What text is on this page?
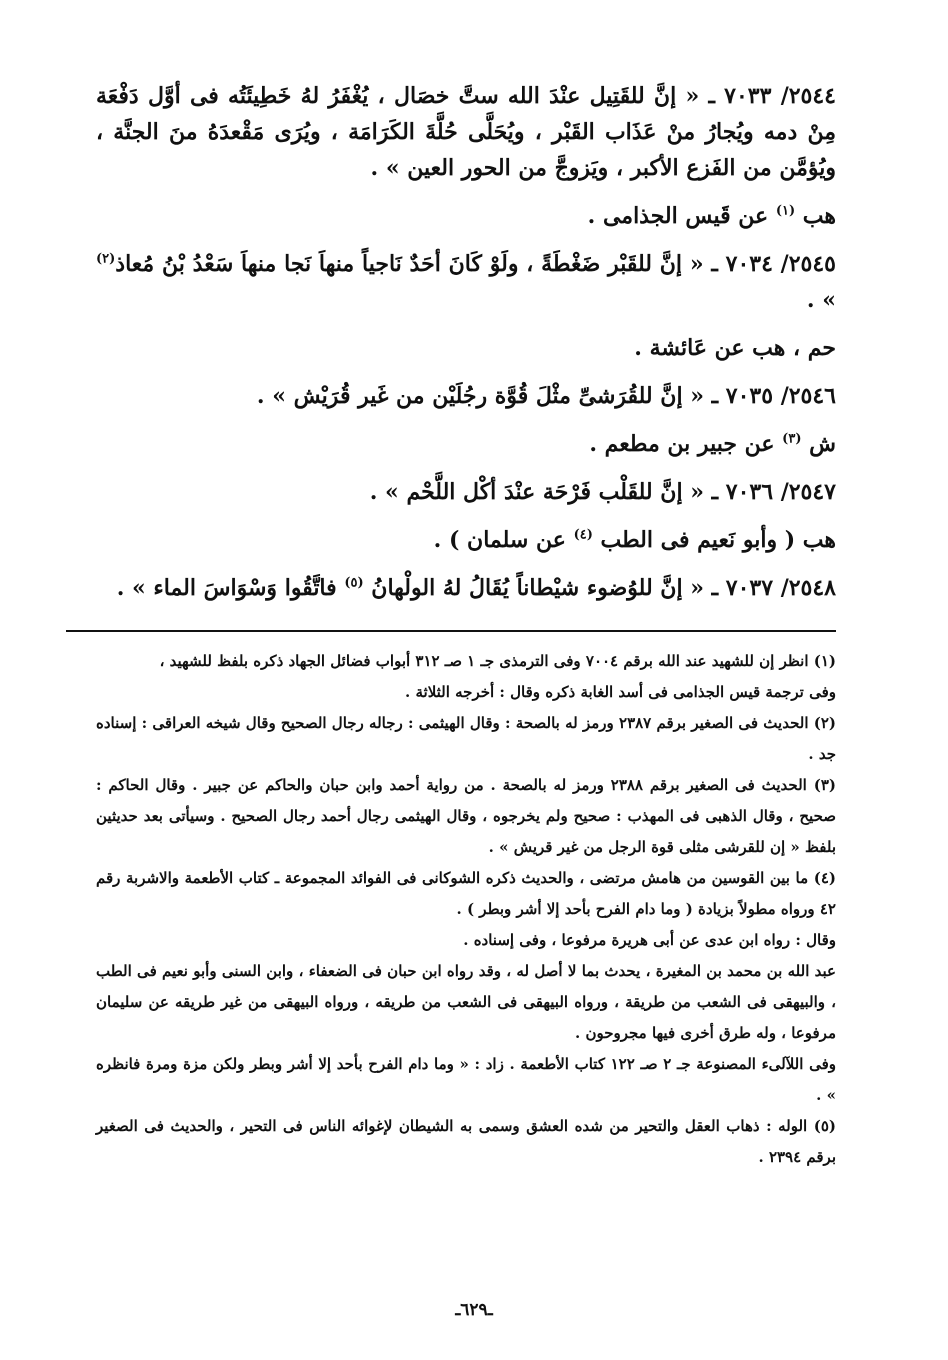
٢٥٤٤/ ٧٠٣٣ ـ « إنَّ للقَتِيل عنْدَ الله ستَّ خصَال ، يُغْفَرُ لهُ خَطِيئَتُه فى أوَّل دَفْعَة مِنْ دمه ويُجارُ منْ عَذَاب القَبْر ، ويُحَلَّى حُلَّةَ الكَرَامَة ، ويُرَى مَقْعدَهُ منَ الجنَّة ، ويُؤمَّن من الفَزع الأكبر ، ويَزوجَّ من الحور العين » .

هب $^{(١)}$ عن قَيس الجذامى .

٢٥٤٥/ ٧٠٣٤ ـ « إنَّ للقَبْر ضَغْطَةً ، ولَوْ كَانَ أحَدٌ نَاجياً منهاَ نَجا منهاَ سَعْدُ بْنُ مُعاذ$^{(٢)}$ » .

حم ، هب عن عَائشة .

٢٥٤٦/ ٧٠٣٥ ـ « إنَّ للقُرَشىِّ مثْلَ قُوَّة رجُلَيْن من غَير قُرَيْش » .

ش $^{(٣)}$ عن جبير بن مطعم .

٢٥٤٧/ ٧٠٣٦ ـ « إنَّ للقَلْب فَرْحَة عنْدَ أكْل اللَّحْم » .

هب ( وأبو نَعيم فى الطب $^{(٤)}$ عن سلمان ) .

٢٥٤٨/ ٧٠٣٧ ـ « إنَّ للوُضوء شيْطاناً يُقَالُ لهُ الولْهانُ $^{(٥)}$ فاتَّقُوا وَسْوَاسَ الماء » .

(١) انظر إن للشهيد عند الله برقم ٧٠٠٤ وفى الترمذى جـ ١ صـ ٣١٢ أبواب فضائل الجهاد ذكره بلفظ للشهيد ،

وفى ترجمة قيس الجذامى فى أسد الغابة ذكره وقال : أخرجه الثلاثة .

(٢) الحديث فى الصغير برقم ٢٣٨٧ ورمز له بالصحة : وقال الهيثمى : رجاله رجال الصحيح وقال شيخه العراقى : إسناده جد .

(٣) الحديث فى الصغير برقم ٢٣٨٨ ورمز له بالصحة . من رواية أحمد وابن حبان والحاكم عن جبير . وقال الحاكم : صحيح ، وقال الذهبى فى المهذب : صحيح ولم يخرجوه ، وقال الهيثمى رجال أحمد رجال الصحيح . وسيأتى بعد حديثين بلفظ « إن للقرشى مثلى قوة الرجل من غير قريش » .

(٤) ما بين القوسين من هامش مرتضى ، والحديث ذكره الشوكانى فى الفوائد المجموعة ـ كتاب الأطعمة والاشربة رقم ٤٢ ورواه مطولاً بزيادة ( وما دام الفرح بأحد إلا أشر وبطر ) .

وقال : رواه ابن عدى عن أبى هريرة مرفوعا ، وفى إسناده .

عبد الله بن محمد بن المغيرة ، يحدث بما لا أصل له ، وقد رواه ابن حبان فى الضعفاء ، وابن السنى وأبو نعيم فى الطب ، والبيهقى فى الشعب من طريقة ، ورواه البيهقى فى الشعب من طريقه ، ورواه البيهقى من غير طريقه عن سليمان مرفوعا ، وله طرق أخرى فيها مجروحون .

وفى اللآلىء المصنوعة جـ ٢ صـ ١٢٢ كتاب الأطعمة . زاد : « وما دام الفرح بأحد إلا أشر وبطر ولكن مزة ومرة فانظره » .

(٥) الوله : ذهاب العقل والتحير من شده العشق وسمى به الشيطان لإغوائه الناس فى التحير ، والحديث فى الصغير برقم ٢٣٩٤ .

ـ٦٢٩ـ
